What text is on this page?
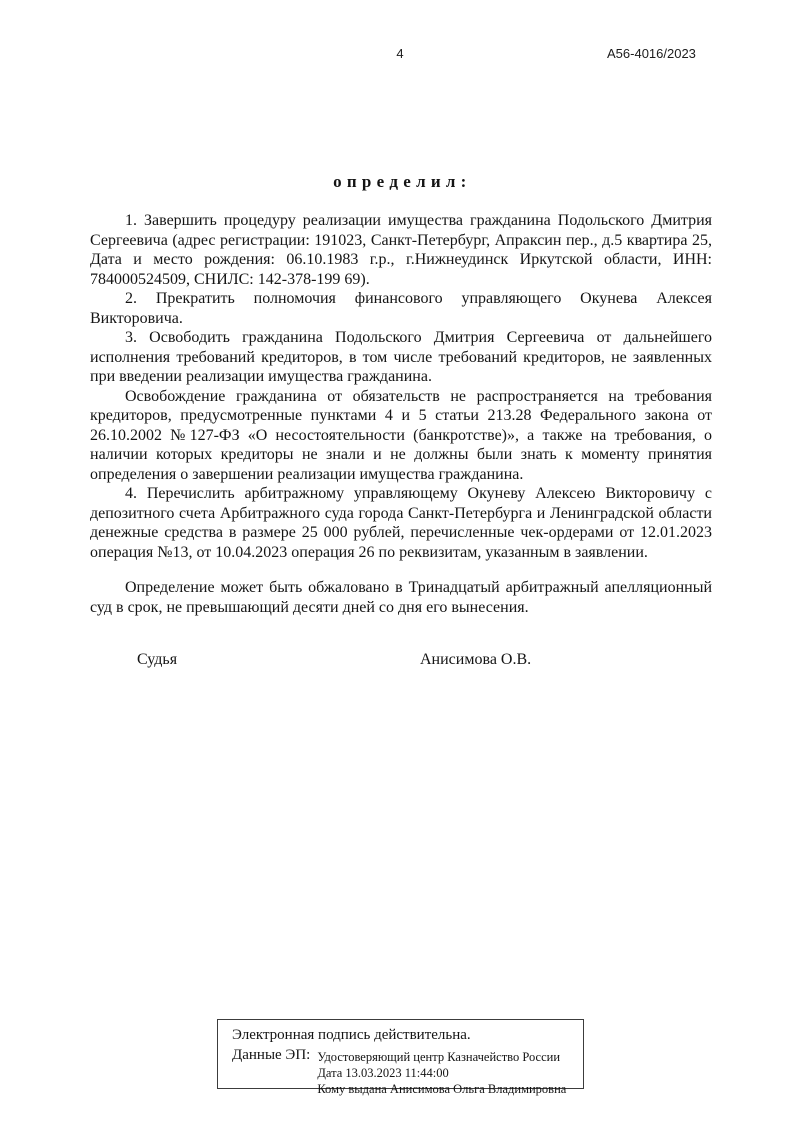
4	А56-4016/2023
о п р е д е л и л :

1. Завершить процедуру реализации имущества гражданина Подольского Дмитрия Сергеевича (адрес регистрации: 191023, Санкт-Петербург, Апраксин пер., д.5 квартира 25, Дата и место рождения: 06.10.1983 г.р., г.Нижнеудинск Иркутской области, ИНН: 784000524509, СНИЛС: 142-378-199 69).

2. Прекратить полномочия финансового управляющего Окунева Алексея Викторовича.

3. Освободить гражданина Подольского Дмитрия Сергеевича от дальнейшего исполнения требований кредиторов, в том числе требований кредиторов, не заявленных при введении реализации имущества гражданина.

Освобождение гражданина от обязательств не распространяется на требования кредиторов, предусмотренные пунктами 4 и 5 статьи 213.28 Федерального закона от 26.10.2002 №127-ФЗ «О несостоятельности (банкротстве)», а также на требования, о наличии которых кредиторы не знали и не должны были знать к моменту принятия определения о завершении реализации имущества гражданина.

4. Перечислить арбитражному управляющему Окуневу Алексею Викторовичу с депозитного счета Арбитражного суда города Санкт-Петербурга и Ленинградской области денежные средства в размере 25 000 рублей, перечисленные чек-ордерами от 12.01.2023 операция №13, от 10.04.2023 операция 26 по реквизитам, указанным в заявлении.

Определение может быть обжаловано в Тринадцатый арбитражный апелляционный суд в срок, не превышающий десяти дней со дня его вынесения.

Судья	Анисимова О.В.
Электронная подпись действительна.
Данные ЭП: Удостоверяющий центр Казначейство России
Дата 13.03.2023 11:44:00
Кому выдана Анисимова Ольга Владимировна
